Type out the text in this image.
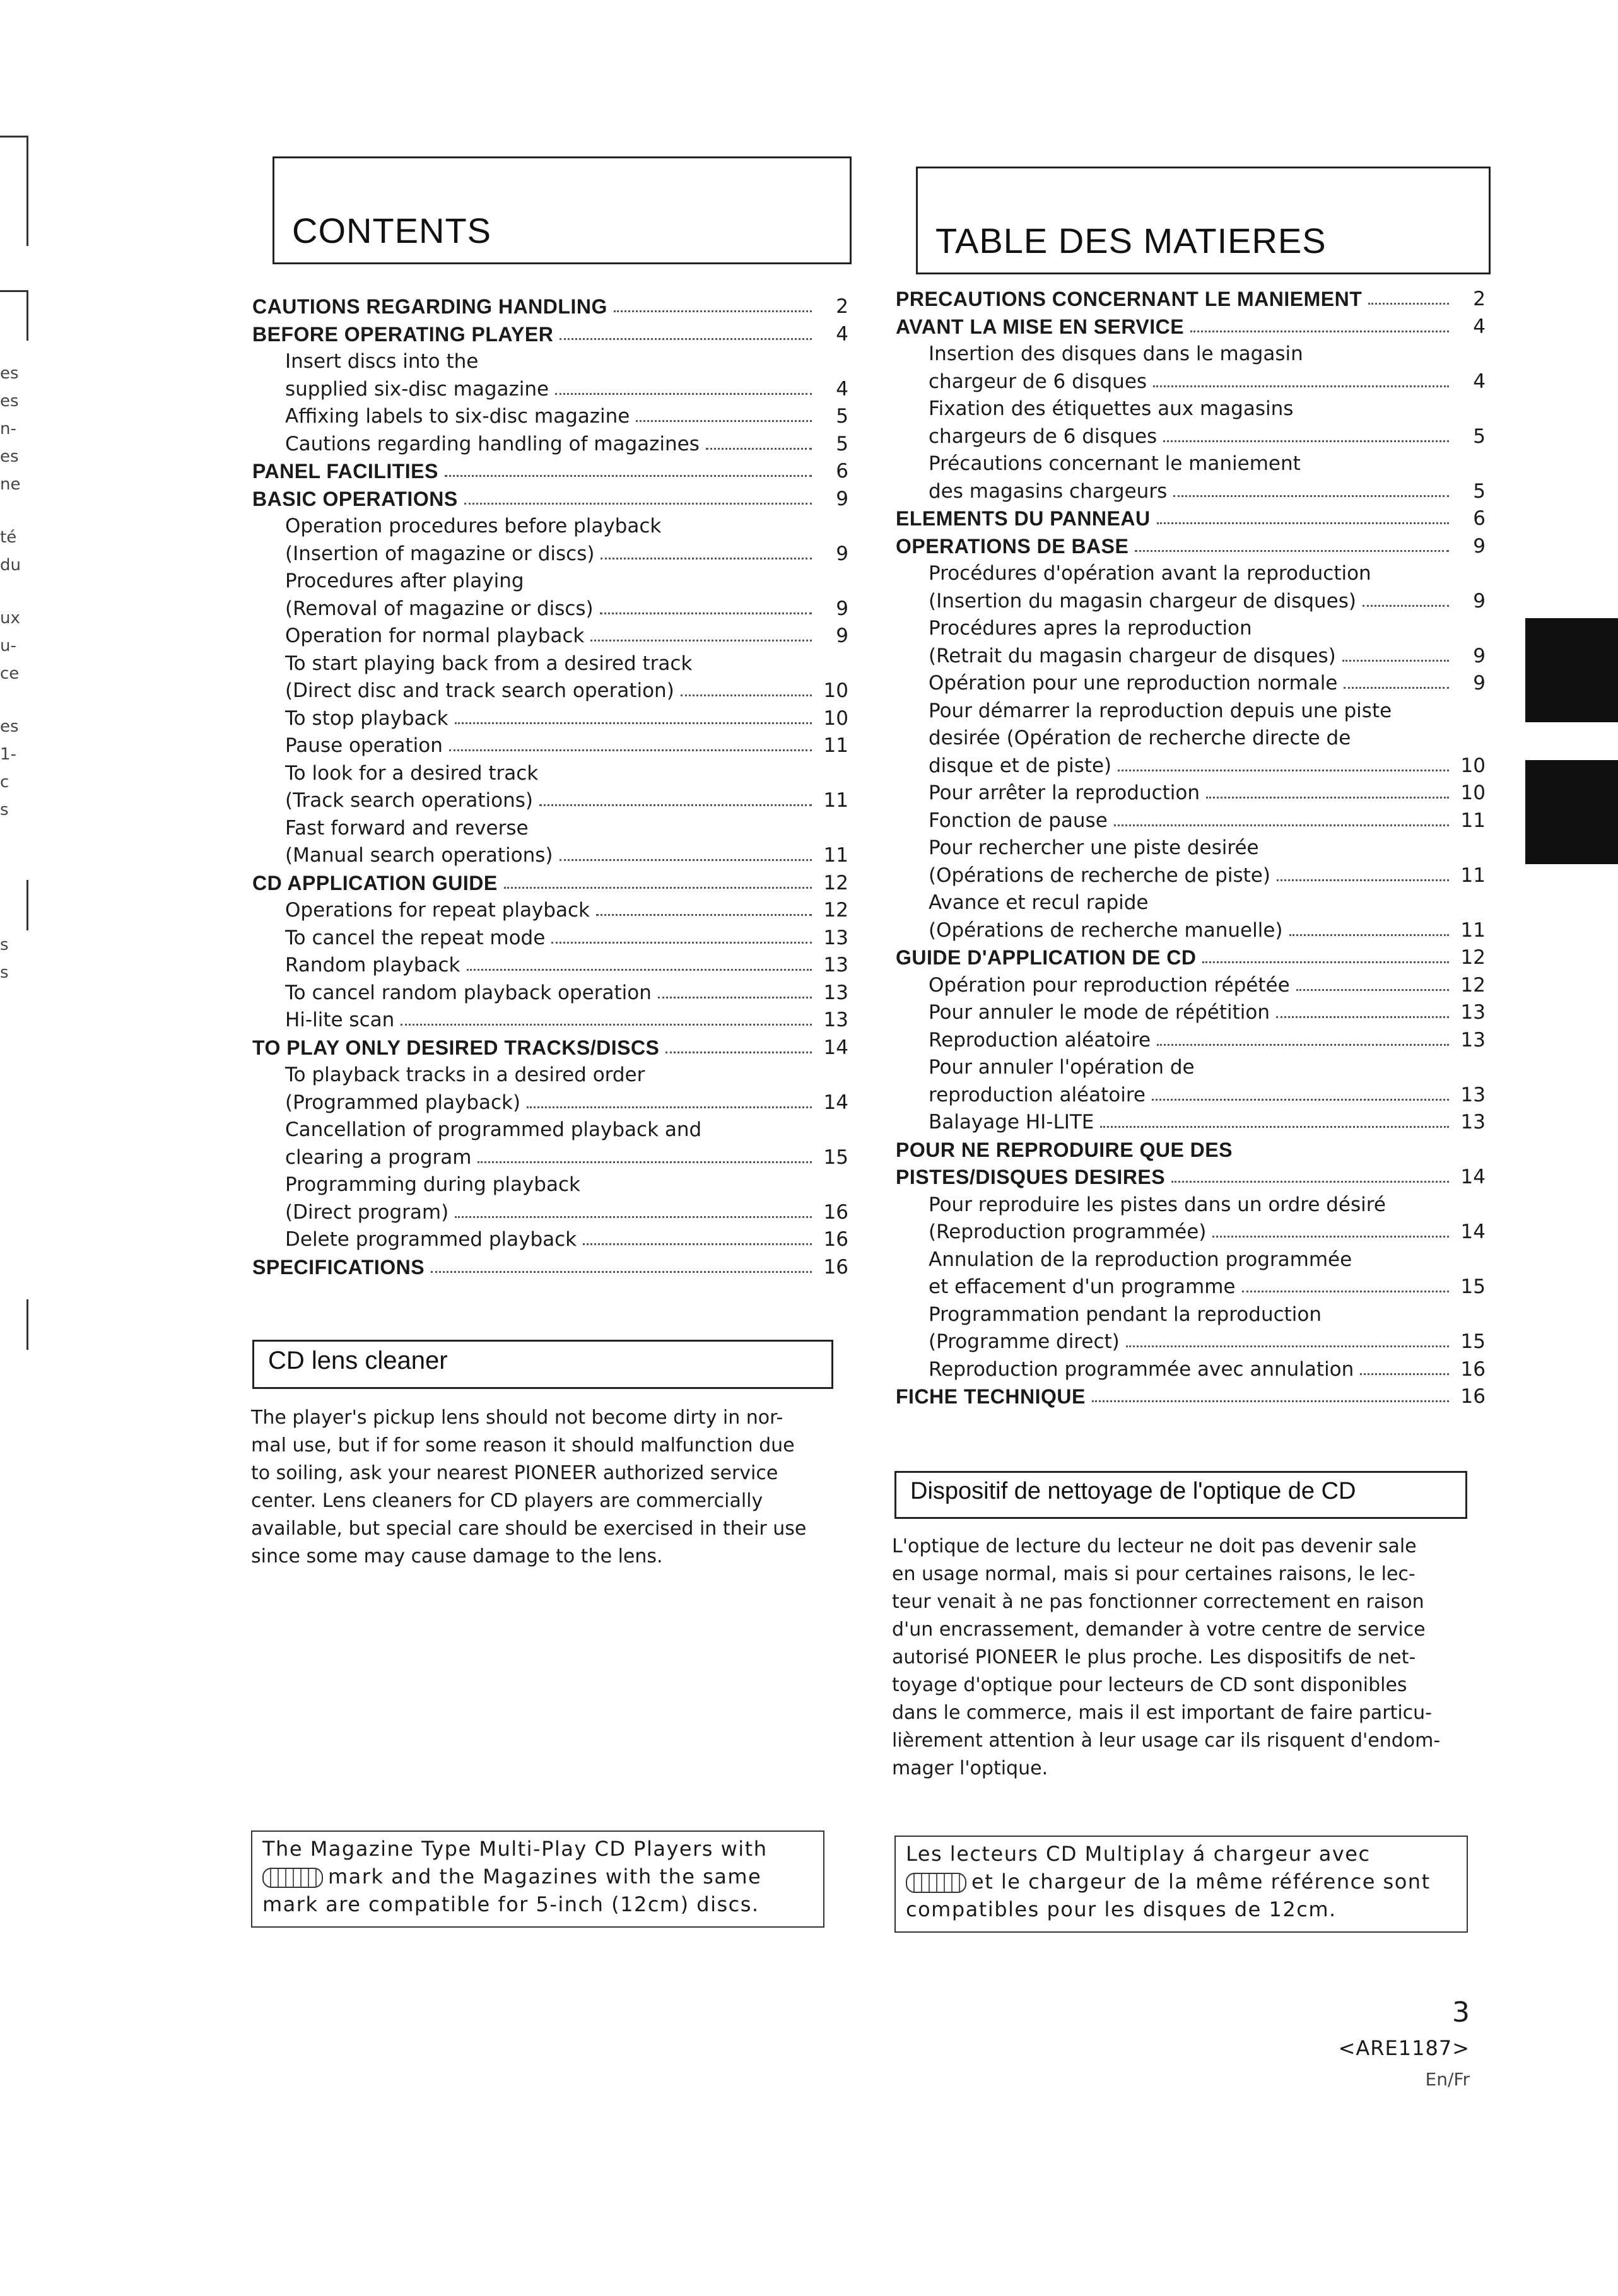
es
es
n-
es
ne
té
du
ux
u-
ce
es
1-
c
s
s
s
CONTENTS
CAUTIONS REGARDING HANDLING	2
BEFORE OPERATING PLAYER	4
Insert discs into the
supplied six-disc magazine	4
Affixing labels to six-disc magazine	5
Cautions regarding handling of magazines	5
PANEL FACILITIES	6
BASIC OPERATIONS	9
Operation procedures before playback
(Insertion of magazine or discs)	9
Procedures after playing
(Removal of magazine or discs)	9
Operation for normal playback	9
To start playing back from a desired track
(Direct disc and track search operation)	10
To stop playback	10
Pause operation	11
To look for a desired track
(Track search operations)	11
Fast forward and reverse
(Manual search operations)	11
CD APPLICATION GUIDE	12
Operations for repeat playback	12
To cancel the repeat mode	13
Random playback	13
To cancel random playback operation	13
Hi-lite scan	13
TO PLAY ONLY DESIRED TRACKS/DISCS	14
To playback tracks in a desired order
(Programmed playback)	14
Cancellation of programmed playback and
clearing a program	15
Programming during playback
(Direct program)	16
Delete programmed playback	16
SPECIFICATIONS	16
CD lens cleaner
The player's pickup lens should not become dirty in nor-
mal use, but if for some reason it should malfunction due
to soiling, ask your nearest PIONEER authorized service
center. Lens cleaners for CD players are commercially
available, but special care should be exercised in their use
since some may cause damage to the lens.
The Magazine Type Multi-Play CD Players with
mark and the Magazines with the same
mark are compatible for 5-inch (12cm) discs.
TABLE DES MATIERES
PRECAUTIONS CONCERNANT LE MANIEMENT	2
AVANT LA MISE EN SERVICE	4
Insertion des disques dans le magasin
chargeur de 6 disques	4
Fixation des étiquettes aux magasins
chargeurs de 6 disques	5
Précautions concernant le maniement
des magasins chargeurs	5
ELEMENTS DU PANNEAU	6
OPERATIONS DE BASE	9
Procédures d'opération avant la reproduction
(Insertion du magasin chargeur de disques)	9
Procédures apres la reproduction
(Retrait du magasin chargeur de disques)	9
Opération pour une reproduction normale	9
Pour démarrer la reproduction depuis une piste
desirée (Opération de recherche directe de
disque et de piste)	10
Pour arrêter la reproduction	10
Fonction de pause	11
Pour rechercher une piste desirée
(Opérations de recherche de piste)	11
Avance et recul rapide
(Opérations de recherche manuelle)	11
GUIDE D'APPLICATION DE CD	12
Opération pour reproduction répétée	12
Pour annuler le mode de répétition	13
Reproduction aléatoire	13
Pour annuler l'opération de
reproduction aléatoire	13
Balayage HI-LITE	13
POUR NE REPRODUIRE QUE DES
PISTES/DISQUES DESIRES	14
Pour reproduire les pistes dans un ordre désiré
(Reproduction programmée)	14
Annulation de la reproduction programmée
et effacement d'un programme	15
Programmation pendant la reproduction
(Programme direct)	15
Reproduction programmée avec annulation	16
FICHE TECHNIQUE	16
Dispositif de nettoyage de l'optique de CD
L'optique de lecture du lecteur ne doit pas devenir sale
en usage normal, mais si pour certaines raisons, le lec-
teur venait à ne pas fonctionner correctement en raison
d'un encrassement, demander à votre centre de service
autorisé PIONEER le plus proche. Les dispositifs de net-
toyage d'optique pour lecteurs de CD sont disponibles
dans le commerce, mais il est important de faire particu-
lièrement attention à leur usage car ils risquent d'endom-
mager l'optique.
Les lecteurs CD Multiplay á chargeur avec
et le chargeur de la même référence sont
compatibles pour les disques de 12cm.
3
<ARE1187>
En/Fr
